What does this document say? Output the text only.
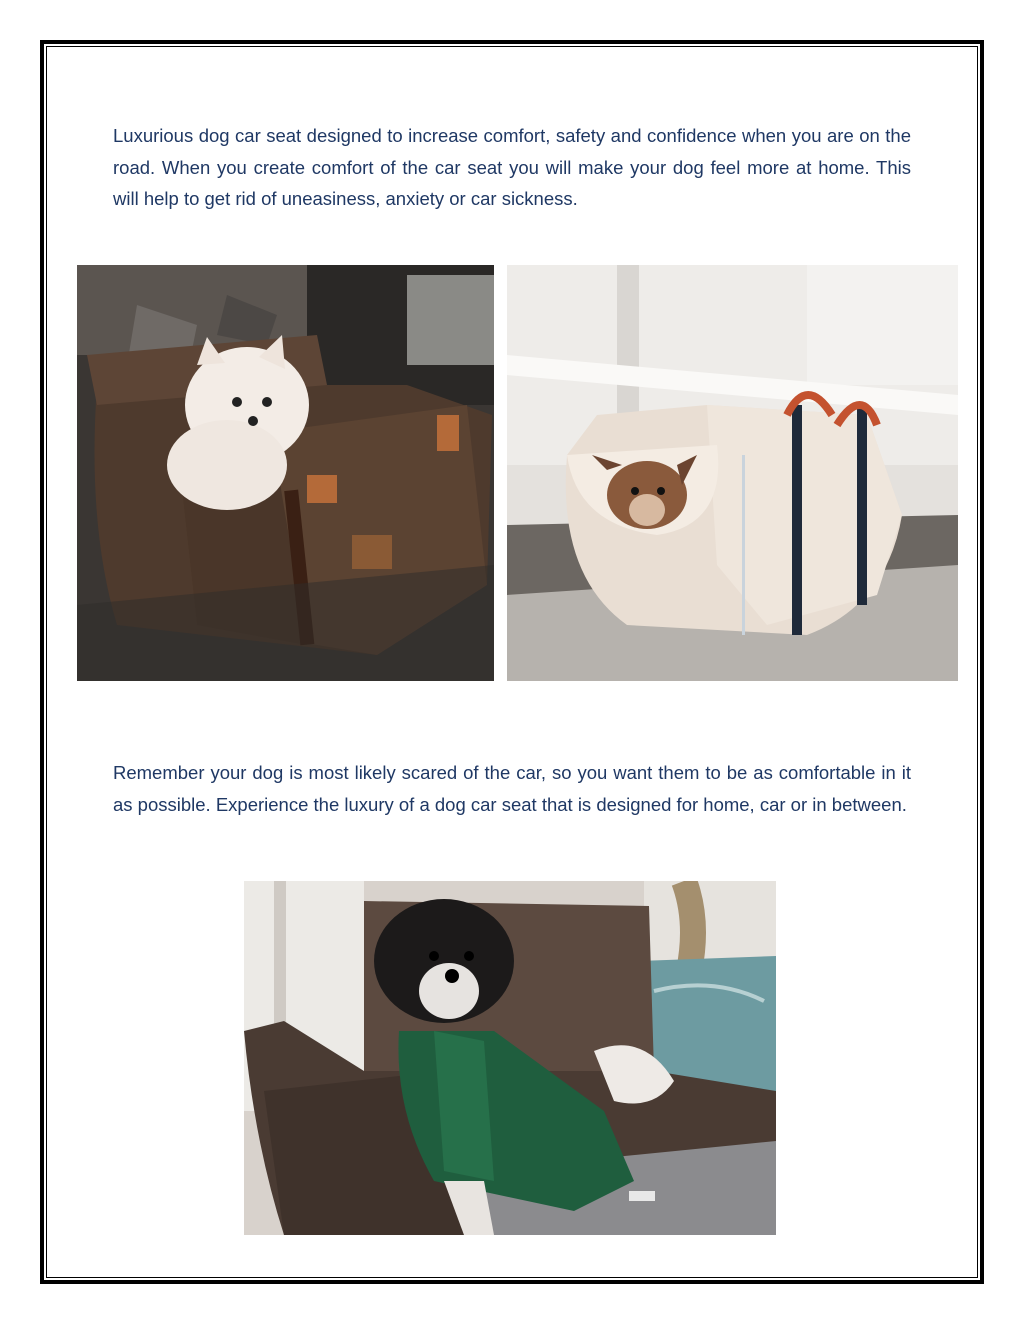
Luxurious dog car seat designed to increase comfort, safety and confidence when you are on the road. When you create comfort of the car seat you will make your dog feel more at home. This will help to get rid of uneasiness, anxiety or car sickness.

Remember your dog is most likely scared of the car, so you want them to be as comfortable in it as possible. Experience the luxury of a dog car seat that is designed for home, car or in between.
